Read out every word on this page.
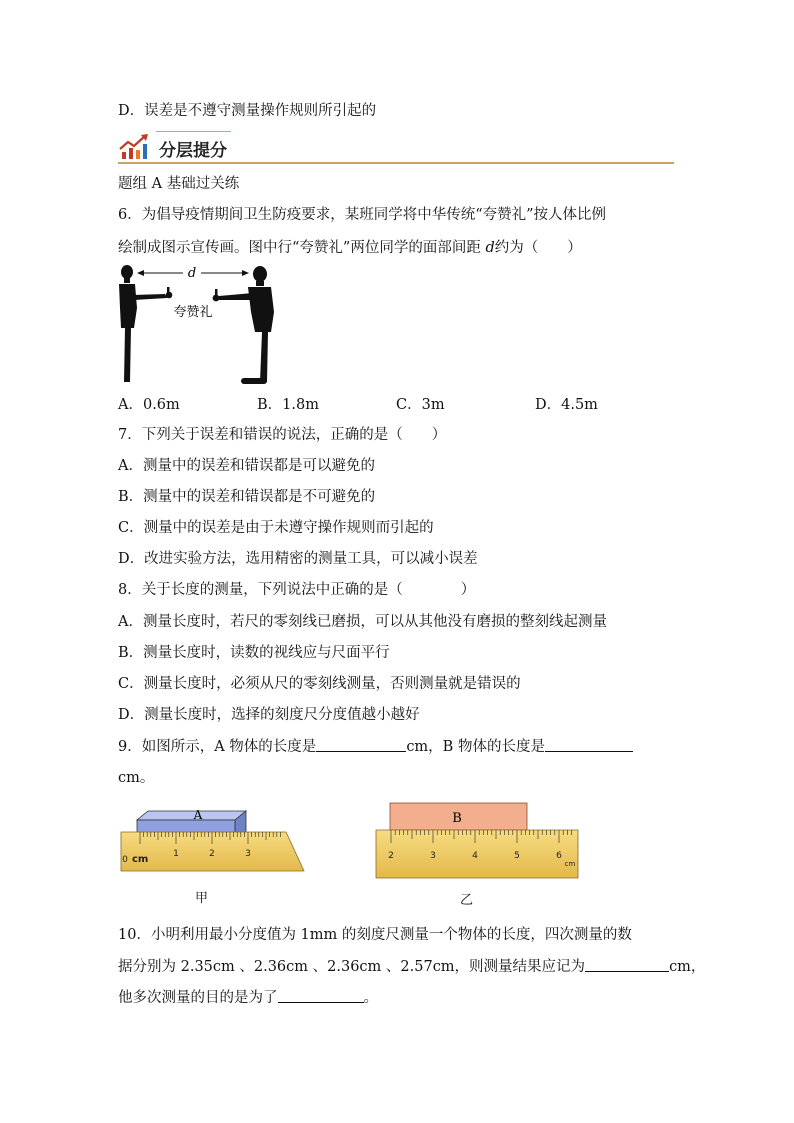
D．误差是不遵守测量操作规则所引起的
分层提分
题组 A 基础过关练
6．为倡导疫情期间卫生防疫要求，某班同学将中华传统“夸赞礼”按人体比例
绘制成图示宣传画。图中行“夸赞礼”两位同学的面部间距 d约为（　　）
d
夸赞礼
A．0.6m	B．1.8m	C．3m	D．4.5m
7．下列关于误差和错误的说法，正确的是（　　）
A．测量中的误差和错误都是可以避免的
B．测量中的误差和错误都是不可避免的
C．测量中的误差是由于未遵守操作规则而引起的
D．改进实验方法，选用精密的测量工具，可以减小误差
8．关于长度的测量，下列说法中正确的是（　　　　）
A．测量长度时，若尺的零刻线已磨损，可以从其他没有磨损的整刻线起测量
B．测量长度时，读数的视线应与尺面平行
C．测量长度时，必须从尺的零刻线测量，否则测量就是错误的
D．测量长度时，选择的刻度尺分度值越小越好
9．如图所示，A 物体的长度是	cm，B 物体的长度是
cm。
A
0
1	2	3
cm
甲
B
2	3	4	5	6
cm
乙
10．小明利用最小分度值为 1mm 的刻度尺测量一个物体的长度，四次测量的数
据分别为 2.35cm 、2.36cm 、2.36cm 、2.57cm，则测量结果应记为	cm，
他多次测量的目的是为了	。
